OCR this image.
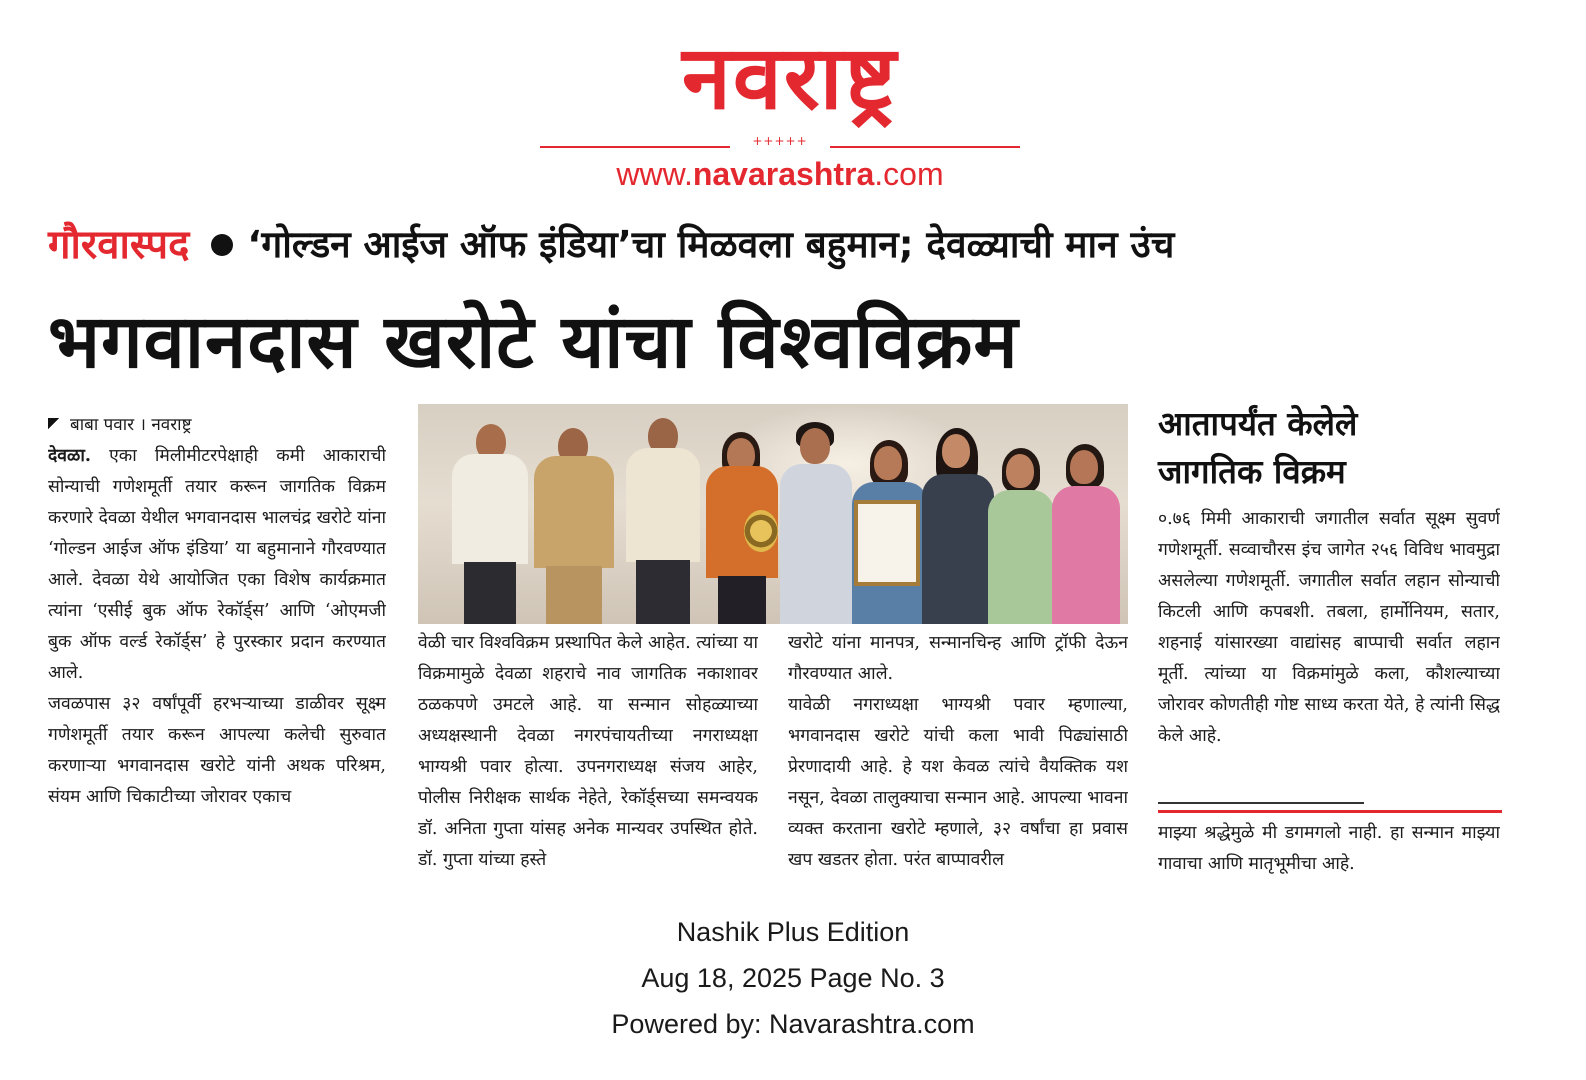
नवराष्ट्र
+++++
www.navarashtra.com
गौरवास्पद ‘गोल्डन आईज ऑफ इंडिया’चा मिळवला बहुमान; देवळ्याची मान उंच
भगवानदास खरोटे यांचा विश्वविक्रम
बाबा पवार । नवराष्ट्र

देवळा. एका मिलीमीटरपेक्षाही कमी आकाराची सोन्याची गणेशमूर्ती तयार करून जागतिक विक्रम करणारे देवळा येथील भगवानदास भालचंद्र खरोटे यांना ‘गोल्डन आईज ऑफ इंडिया’ या बहुमानाने गौरवण्यात आले. देवळा येथे आयोजित एका विशेष कार्यक्रमात त्यांना ‘एसीई बुक ऑफ रेकॉर्ड्स’ आणि ‘ओएमजी बुक ऑफ वर्ल्ड रेकॉर्ड्स’ हे पुरस्कार प्रदान करण्यात आले.

जवळपास ३२ वर्षांपूर्वी हरभऱ्याच्या डाळीवर सूक्ष्म गणेशमूर्ती तयार करून आपल्या कलेची सुरुवात करणाऱ्या भगवानदास खरोटे यांनी अथक परिश्रम, संयम आणि चिकाटीच्या जोरावर एकाच

वेळी चार विश्वविक्रम प्रस्थापित केले आहेत. त्यांच्या या विक्रमामुळे देवळा शहराचे नाव जागतिक नकाशावर ठळकपणे उमटले आहे. या सन्मान सोहळ्याच्या अध्यक्षस्थानी देवळा नगरपंचायतीच्या नगराध्यक्षा भाग्यश्री पवार होत्या. उपनगराध्यक्ष संजय आहेर, पोलीस निरीक्षक सार्थक नेहेते, रेकॉर्ड्सच्या समन्वयक डॉ. अनिता गुप्ता यांसह अनेक मान्यवर उपस्थित होते. डॉ. गुप्ता यांच्या हस्ते

खरोटे यांना मानपत्र, सन्मानचिन्ह आणि ट्रॉफी देऊन गौरवण्यात आले.

यावेळी नगराध्यक्षा भाग्यश्री पवार म्हणाल्या, भगवानदास खरोटे यांची कला भावी पिढ्यांसाठी प्रेरणादायी आहे. हे यश केवळ त्यांचे वैयक्तिक यश नसून, देवळा तालुक्याचा सन्मान आहे. आपल्या भावना व्यक्त करताना खरोटे म्हणाले, ३२ वर्षांचा हा प्रवास खप खडतर होता. परंत बाप्पावरील

आतापर्यंत केलेले
जागतिक विक्रम

०.७६ मिमी आकाराची जगातील सर्वात सूक्ष्म सुवर्ण गणेशमूर्ती. सव्वाचौरस इंच जागेत २५६ विविध भावमुद्रा असलेल्या गणेशमूर्ती. जगातील सर्वात लहान सोन्याची किटली आणि कपबशी. तबला, हार्मोनियम, सतार, शहनाई यांसारख्या वाद्यांसह बाप्पाची सर्वात लहान मूर्ती. त्यांच्या या विक्रमांमुळे कला, कौशल्याच्या जोरावर कोणतीही गोष्ट साध्य करता येते, हे त्यांनी सिद्ध केले आहे.

माझ्या श्रद्धेमुळे मी डगमगलो नाही. हा सन्मान माझ्या गावाचा आणि मातृभूमीचा आहे.

Nashik Plus Edition
Aug 18, 2025 Page No. 3
Powered by: Navarashtra.com
